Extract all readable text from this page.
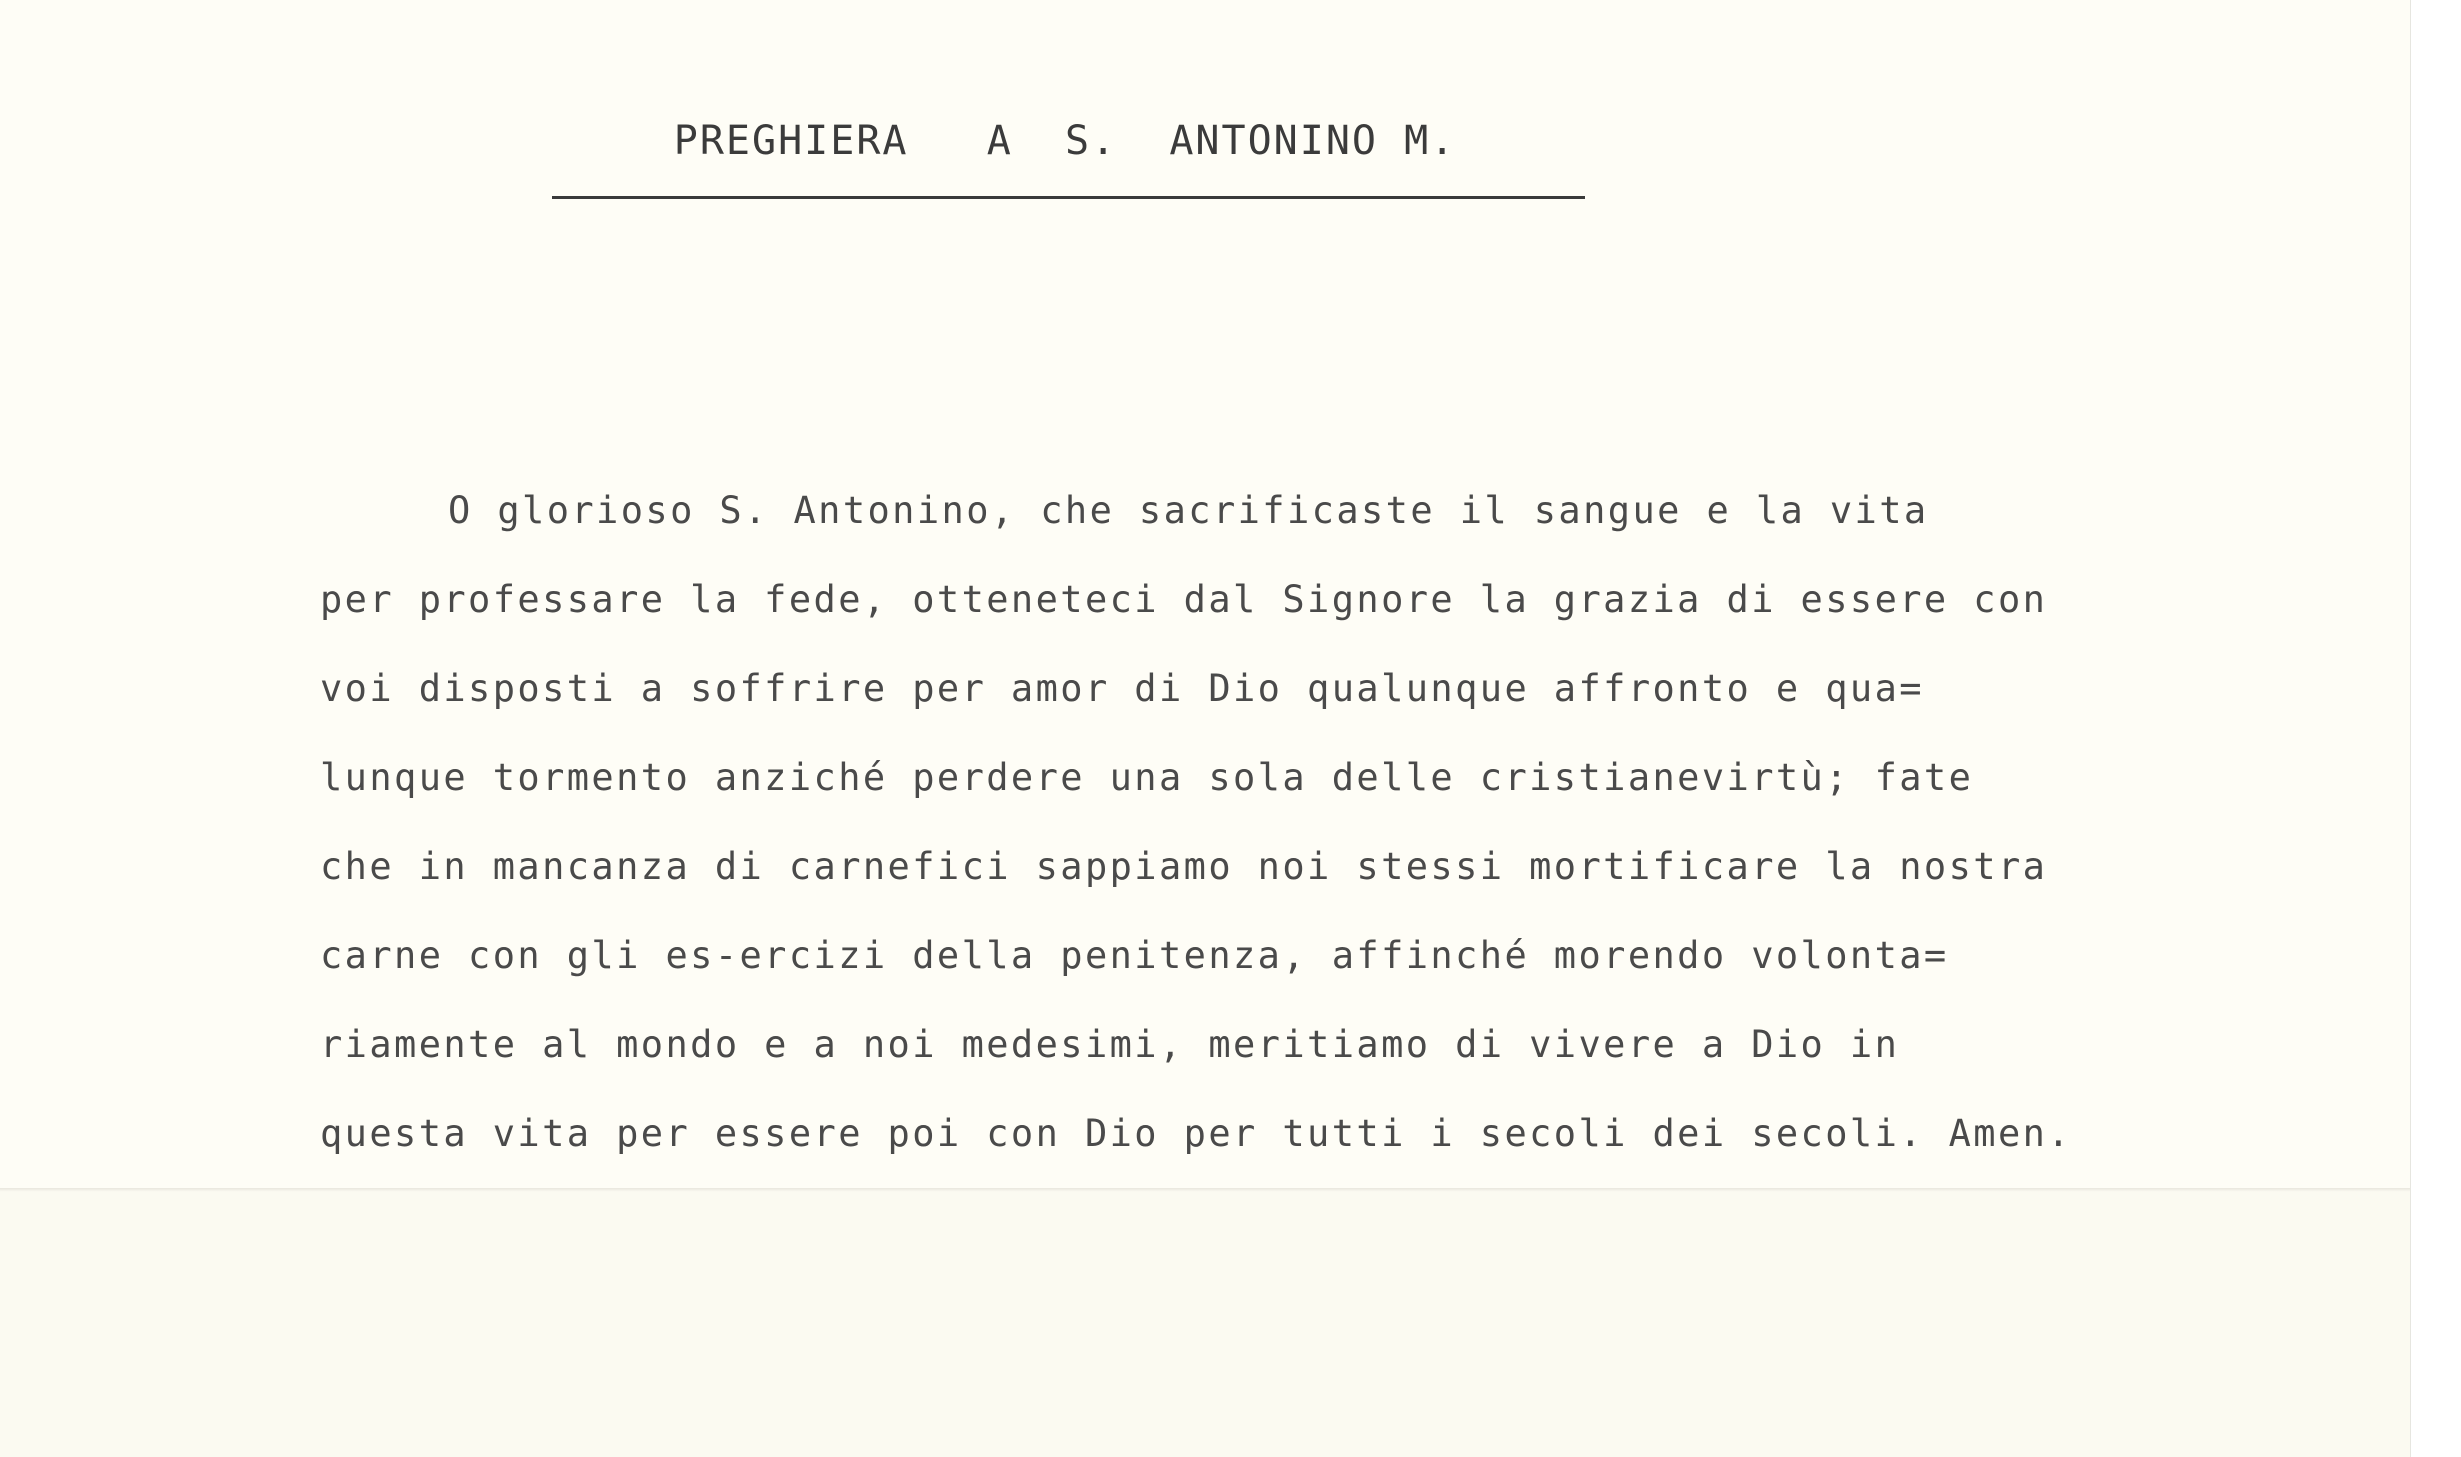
PREGHIERA   A  S.  ANTONINO M.
O glorioso S. Antonino, che sacrificaste il sangue e la vita
per professare la fede, otteneteci dal Signore la grazia di essere con
voi disposti a soffrire per amor di Dio qualunque affronto e qua=
lunque tormento anziché perdere una sola delle cristianevirtù; fate
che in mancanza di carnefici sappiamo noi stessi mortificare la nostra
carne con gli es-ercizi della penitenza, affinché morendo volonta=
riamente al mondo e a noi medesimi, meritiamo di vivere a Dio in
questa vita per essere poi con Dio per tutti i secoli dei secoli. Amen.
